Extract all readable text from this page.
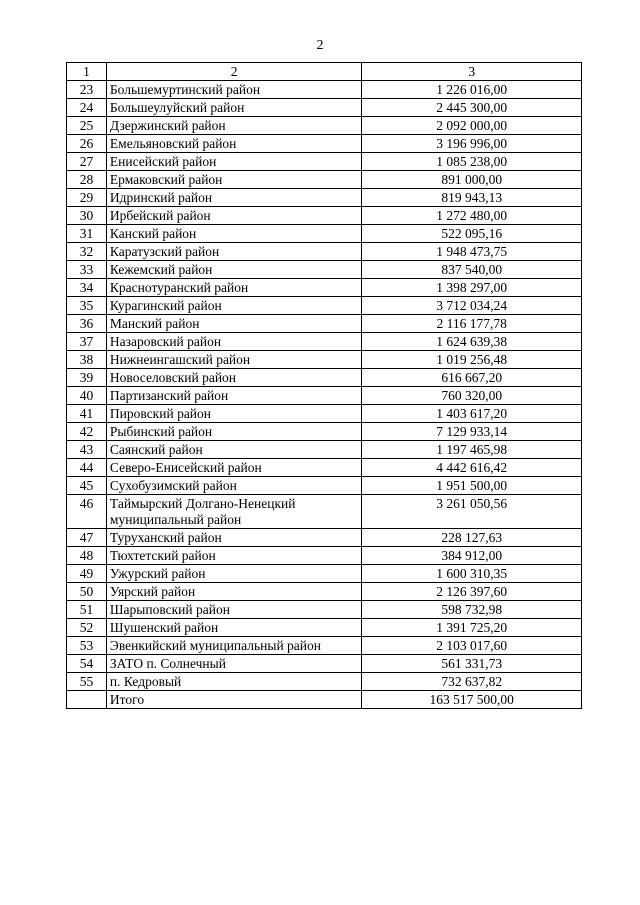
2
1	2	3
23	Большемуртинский район	1 226 016,00
24	Большеулуйский район	2 445 300,00
25	Дзержинский район	2 092 000,00
26	Емельяновский район	3 196 996,00
27	Енисейский район	1 085 238,00
28	Ермаковский район	891 000,00
29	Идринский район	819 943,13
30	Ирбейский район	1 272 480,00
31	Канский район	522 095,16
32	Каратузский район	1 948 473,75
33	Кежемский район	837 540,00
34	Краснотуранский район	1 398 297,00
35	Курагинский район	3 712 034,24
36	Манский район	2 116 177,78
37	Назаровский район	1 624 639,38
38	Нижнеингашский район	1 019 256,48
39	Новоселовский район	616 667,20
40	Партизанский район	760 320,00
41	Пировский район	1 403 617,20
42	Рыбинский район	7 129 933,14
43	Саянский район	1 197 465,98
44	Северо-Енисейский район	4 442 616,42
45	Сухобузимский район	1 951 500,00
46	Таймырский Долгано-Ненецкий муниципальный район	3 261 050,56
47	Туруханский район	228 127,63
48	Тюхтетский район	384 912,00
49	Ужурский район	1 600 310,35
50	Уярский район	2 126 397,60
51	Шарыповский район	598 732,98
52	Шушенский район	1 391 725,20
53	Эвенкийский муниципальный район	2 103 017,60
54	ЗАТО п. Солнечный	561 331,73
55	п. Кедровый	732 637,82
	Итого	163 517 500,00
